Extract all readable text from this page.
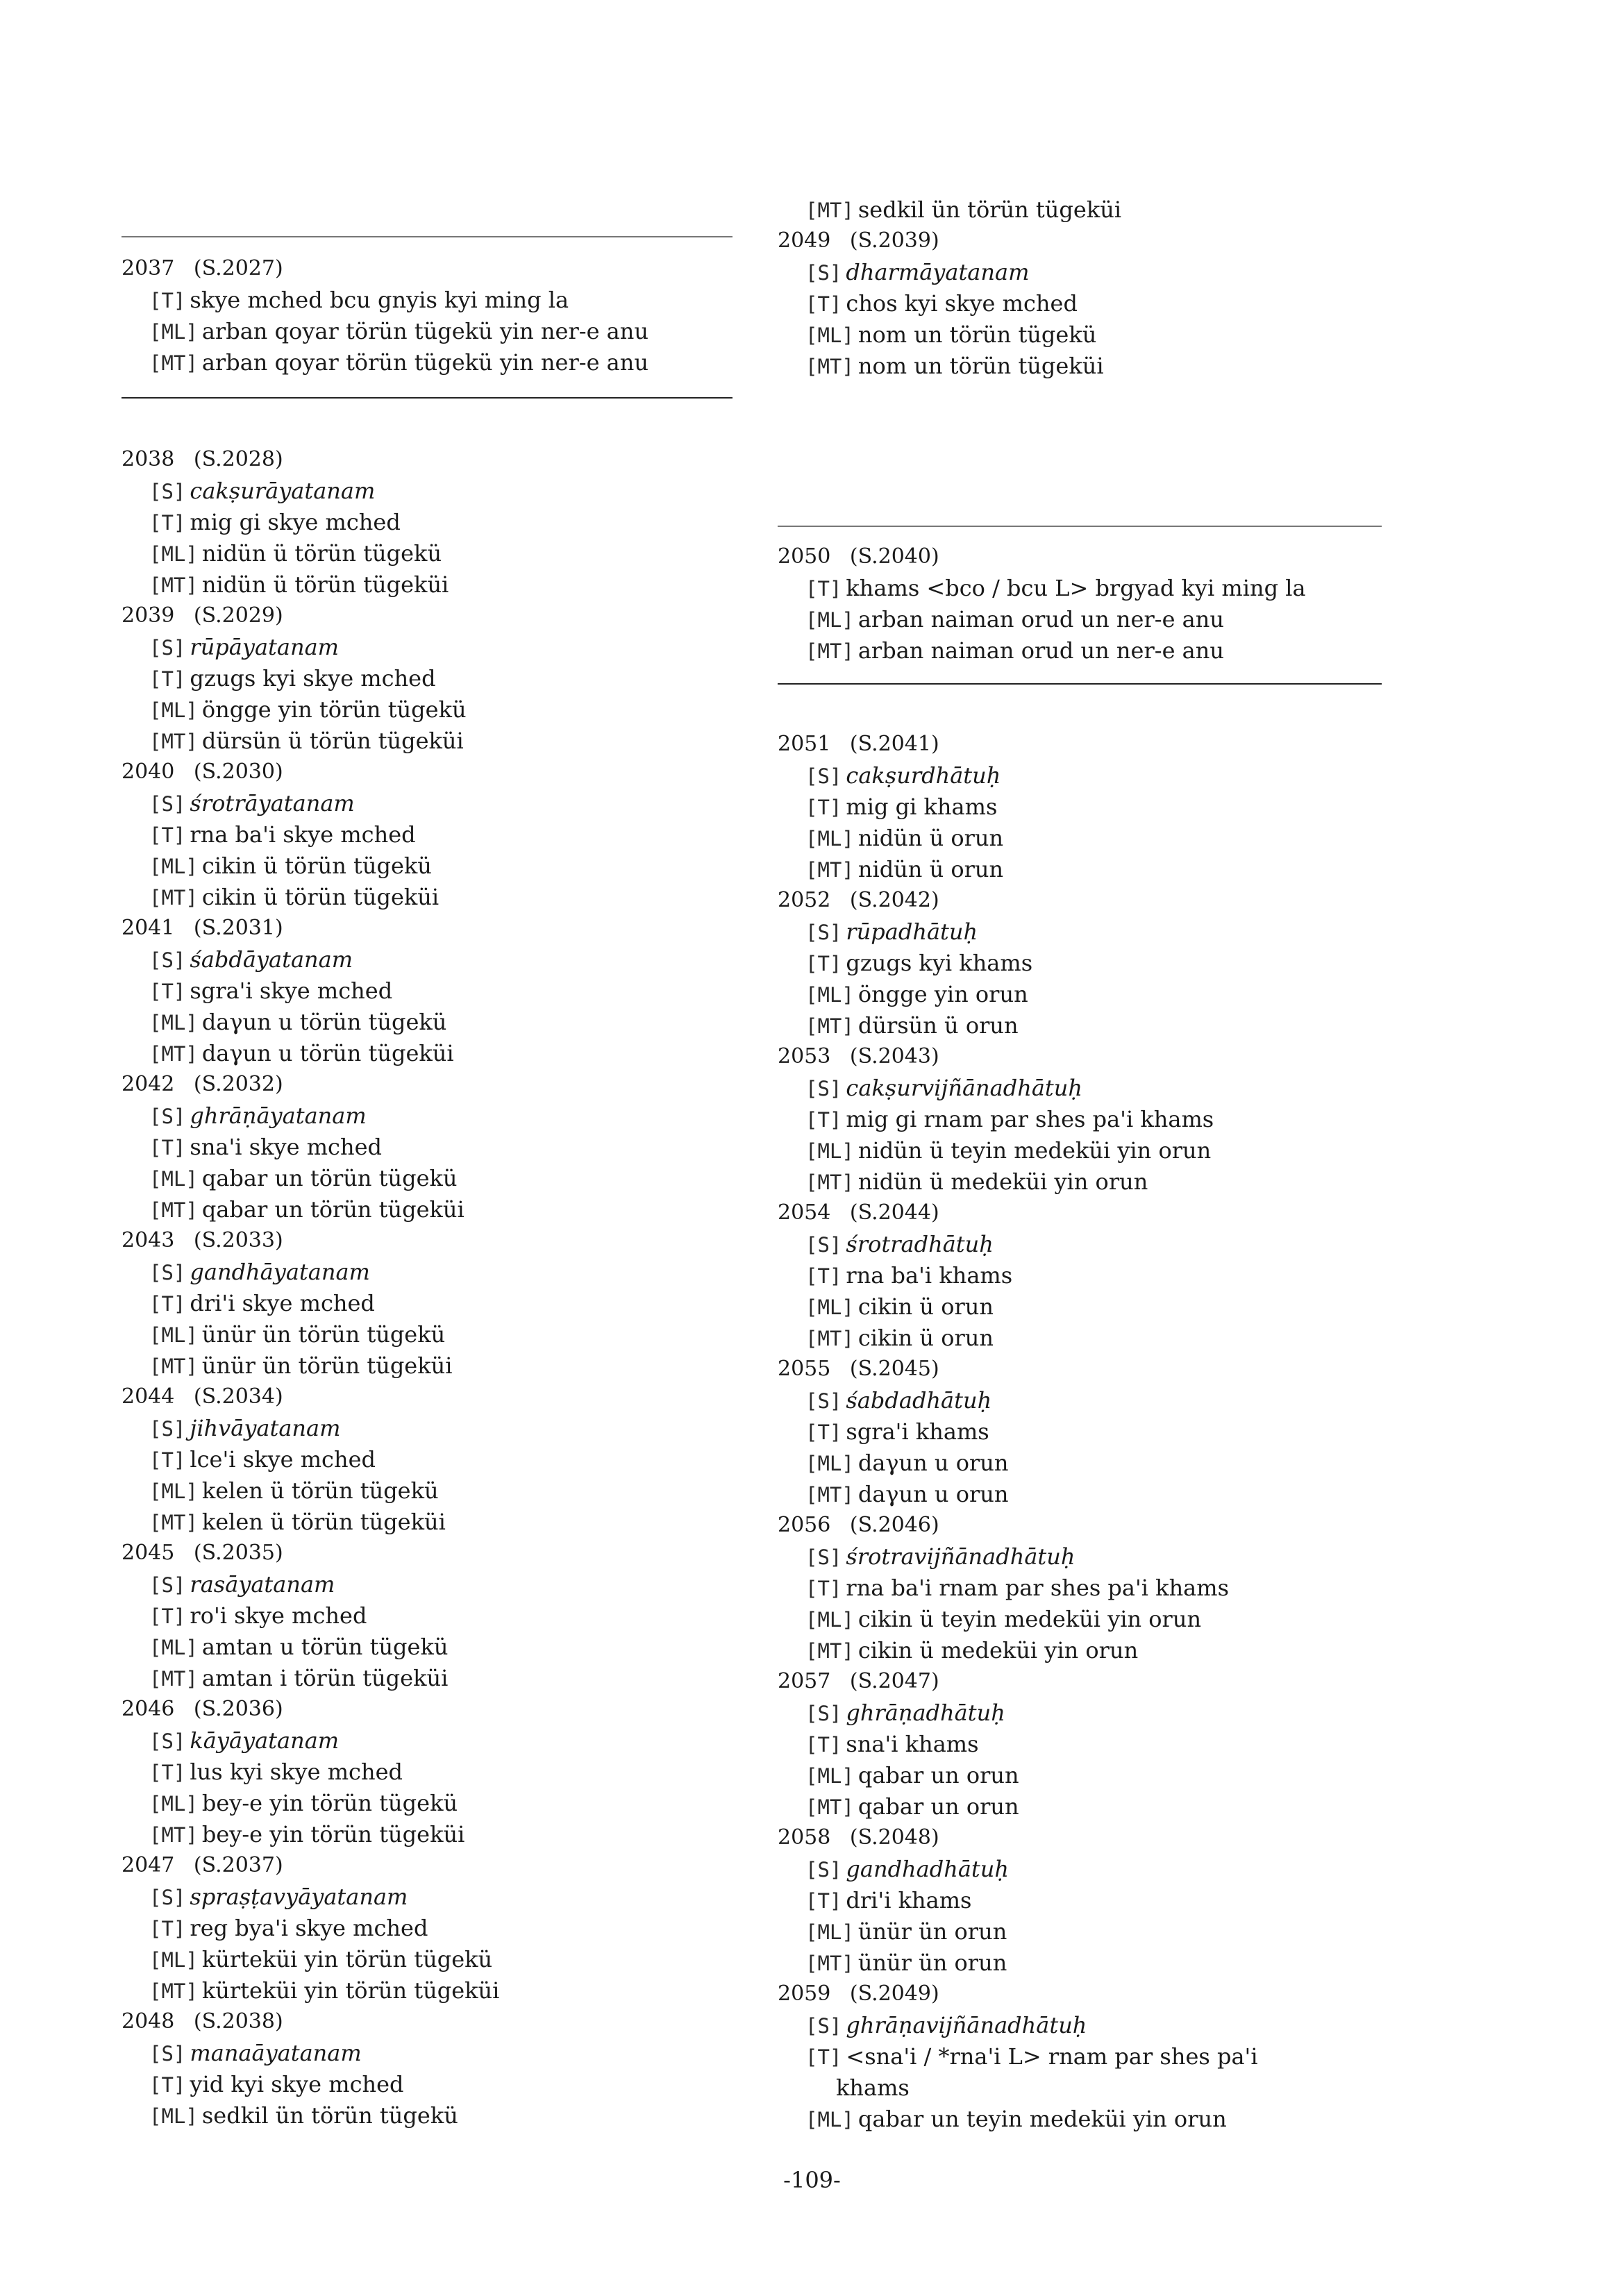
2037 (S.2027)
[T] skye mched bcu gnyis kyi ming la
[ML] arban qoyar törün tügekü yin ner-e anu
[MT] arban qoyar törün tügekü yin ner-e anu
2038 (S.2028)
[S] cakṣurāyatanam
[T] mig gi skye mched
[ML] nidün ü törün tügekü
[MT] nidün ü törün tügeküi
2039 (S.2029)
[S] rūpāyatanam
[T] gzugs kyi skye mched
[ML] öngge yin törün tügekü
[MT] dürsün ü törün tügeküi
2040 (S.2030)
[S] śrotrāyatanam
[T] rna ba'i skye mched
[ML] cikin ü törün tügekü
[MT] cikin ü törün tügeküi
2041 (S.2031)
[S] śabdāyatanam
[T] sgra'i skye mched
[ML] daγun u törün tügekü
[MT] daγun u törün tügeküi
2042 (S.2032)
[S] ghrāṇāyatanam
[T] sna'i skye mched
[ML] qabar un törün tügekü
[MT] qabar un törün tügeküi
2043 (S.2033)
[S] gandhāyatanam
[T] dri'i skye mched
[ML] ünür ün törün tügekü
[MT] ünür ün törün tügeküi
2044 (S.2034)
[S] jihvāyatanam
[T] lce'i skye mched
[ML] kelen ü törün tügekü
[MT] kelen ü törün tügeküi
2045 (S.2035)
[S] rasāyatanam
[T] ro'i skye mched
[ML] amtan u törün tügekü
[MT] amtan i törün tügeküi
2046 (S.2036)
[S] kāyāyatanam
[T] lus kyi skye mched
[ML] bey-e yin törün tügekü
[MT] bey-e yin törün tügeküi
2047 (S.2037)
[S] spraṣṭavyāyatanam
[T] reg bya'i skye mched
[ML] kürteküi yin törün tügekü
[MT] kürteküi yin törün tügeküi
2048 (S.2038)
[S] manaāyatanam
[T] yid kyi skye mched
[ML] sedkil ün törün tügekü
[MT] sedkil ün törün tügeküi
2049 (S.2039)
[S] dharmāyatanam
[T] chos kyi skye mched
[ML] nom un törün tügekü
[MT] nom un törün tügeküi
2050 (S.2040)
[T] khams <bco / bcu L> brgyad kyi ming la
[ML] arban naiman orud un ner-e anu
[MT] arban naiman orud un ner-e anu
2051 (S.2041)
[S] cakṣurdhātuḥ
[T] mig gi khams
[ML] nidün ü orun
[MT] nidün ü orun
2052 (S.2042)
[S] rūpadhātuḥ
[T] gzugs kyi khams
[ML] öngge yin orun
[MT] dürsün ü orun
2053 (S.2043)
[S] cakṣurvijñānadhātuḥ
[T] mig gi rnam par shes pa'i khams
[ML] nidün ü teyin medeküi yin orun
[MT] nidün ü medeküi yin orun
2054 (S.2044)
[S] śrotradhātuḥ
[T] rna ba'i khams
[ML] cikin ü orun
[MT] cikin ü orun
2055 (S.2045)
[S] śabdadhātuḥ
[T] sgra'i khams
[ML] daγun u orun
[MT] daγun u orun
2056 (S.2046)
[S] śrotravijñānadhātuḥ
[T] rna ba'i rnam par shes pa'i khams
[ML] cikin ü teyin medeküi yin orun
[MT] cikin ü medeküi yin orun
2057 (S.2047)
[S] ghrāṇadhātuḥ
[T] sna'i khams
[ML] qabar un orun
[MT] qabar un orun
2058 (S.2048)
[S] gandhadhātuḥ
[T] dri'i khams
[ML] ünür ün orun
[MT] ünür ün orun
2059 (S.2049)
[S] ghrāṇavijñānadhātuḥ
[T] <sna'i / *rna'i L> rnam par shes pa'i
khams
[ML] qabar un teyin medeküi yin orun
-109-
